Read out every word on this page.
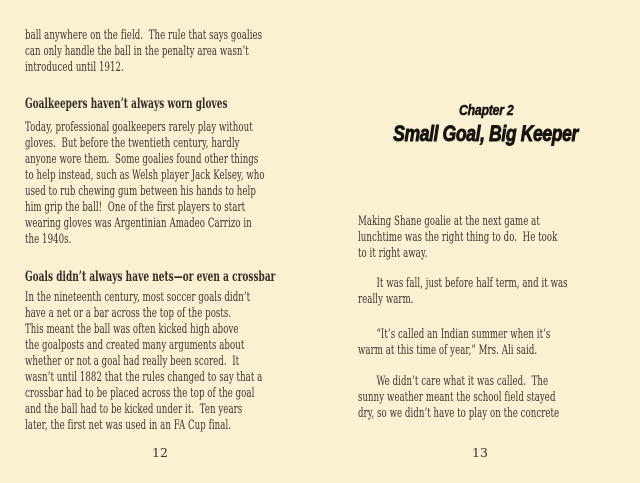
ball anywhere on the field.  The rule that says goalies
can only handle the ball in the penalty area wasn’t
introduced until 1912.
Goalkeepers haven’t always worn gloves
Today, professional goalkeepers rarely play without
gloves.  But before the twentieth century, hardly
anyone wore them.  Some goalies found other things
to help instead, such as Welsh player Jack Kelsey, who
used to rub chewing gum between his hands to help
him grip the ball!  One of the first players to start
wearing gloves was Argentinian Amadeo Carrizo in
the 1940s.
Goals didn’t always have nets—or even a crossbar
In the nineteenth century, most soccer goals didn’t
have a net or a bar across the top of the posts.
This meant the ball was often kicked high above
the goalposts and created many arguments about
whether or not a goal had really been scored.  It
wasn’t until 1882 that the rules changed to say that a
crossbar had to be placed across the top of the goal
and the ball had to be kicked under it.  Ten years
later, the first net was used in an FA Cup final.
12
Chapter 2
Small Goal, Big Keeper
Making Shane goalie at the next game at
lunchtime was the right thing to do.  He took
to it right away.
It was fall, just before half term, and it was
really warm.
“It’s called an Indian summer when it’s
warm at this time of year,” Mrs. Ali said.
We didn’t care what it was called.  The
sunny weather meant the school field stayed
dry, so we didn’t have to play on the concrete
13
